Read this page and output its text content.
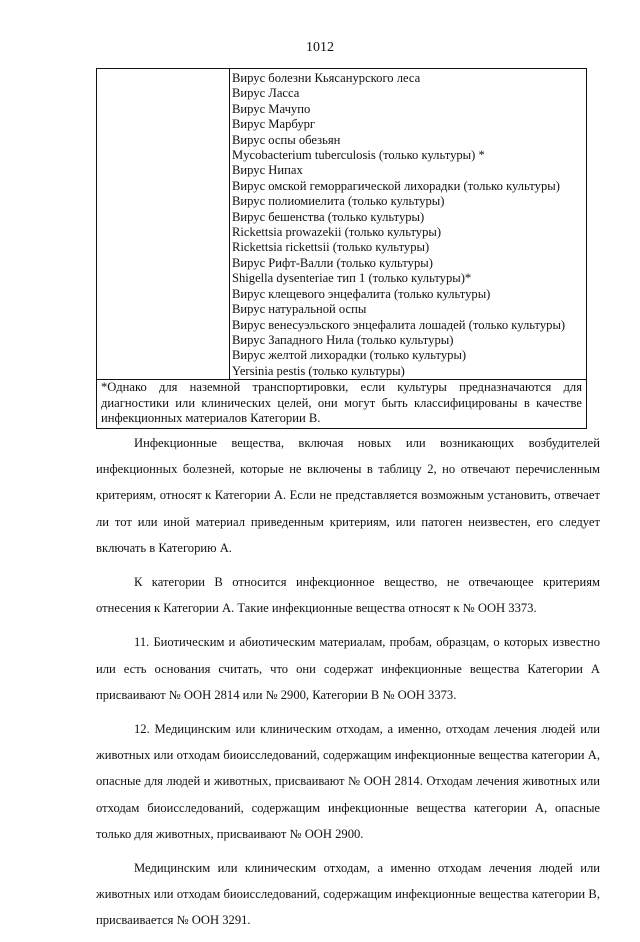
1012
Вирус болезни Кьясанурского леса
Вирус Ласса
Вирус Мачупо
Вирус Марбург
Вирус оспы обезьян
Mycobacterium tuberculosis (только культуры) *
Вирус Нипах
Вирус омской геморрагической лихорадки (только культуры)
Вирус полиомиелита (только культуры)
Вирус бешенства (только культуры)
Rickettsia prowazekii (только культуры)
Rickettsia rickettsii (только культуры)
Вирус Рифт-Валли (только культуры)
Shigella dysenteriae тип 1 (только культуры)*
Вирус клещевого энцефалита (только культуры)
Вирус натуральной оспы
Вирус венесуэльского энцефалита лошадей (только культуры)
Вирус Западного Нила (только культуры)
Вирус желтой лихорадки (только культуры)
Yersinia pestis (только культуры)

*Однако для наземной транспортировки, если культуры предназначаются для диагностики или клинических целей, они могут быть классифицированы в качестве инфекционных материалов Категории В.

Инфекционные вещества, включая новых или возникающих возбудителей инфекционных болезней, которые не включены в таблицу 2, но отвечают перечисленным критериям, относят к Категории А. Если не представляется возможным установить, отвечает ли тот или иной материал приведенным критериям, или патоген неизвестен, его следует включать в Категорию А.

К категории В относится инфекционное вещество, не отвечающее критериям отнесения к Категории А. Такие инфекционные вещества относят к № ООН 3373.

11. Биотическим и абиотическим материалам, пробам, образцам, о которых известно или есть основания считать, что они содержат инфекционные вещества Категории А присваивают № ООН 2814 или № 2900, Категории В № ООН 3373.

12. Медицинским или клиническим отходам, а именно, отходам лечения людей или животных или отходам биоисследований, содержащим инфекционные вещества категории А, опасные для людей и животных, присваивают № ООН 2814. Отходам лечения животных или отходам биоисследований, содержащим инфекционные вещества категории А, опасные только для животных, присваивают № ООН 2900.

Медицинским или клиническим отходам, а именно отходам лечения людей или животных или отходам биоисследований, содержащим инфекционные вещества категории В, присваивается № ООН 3291.
